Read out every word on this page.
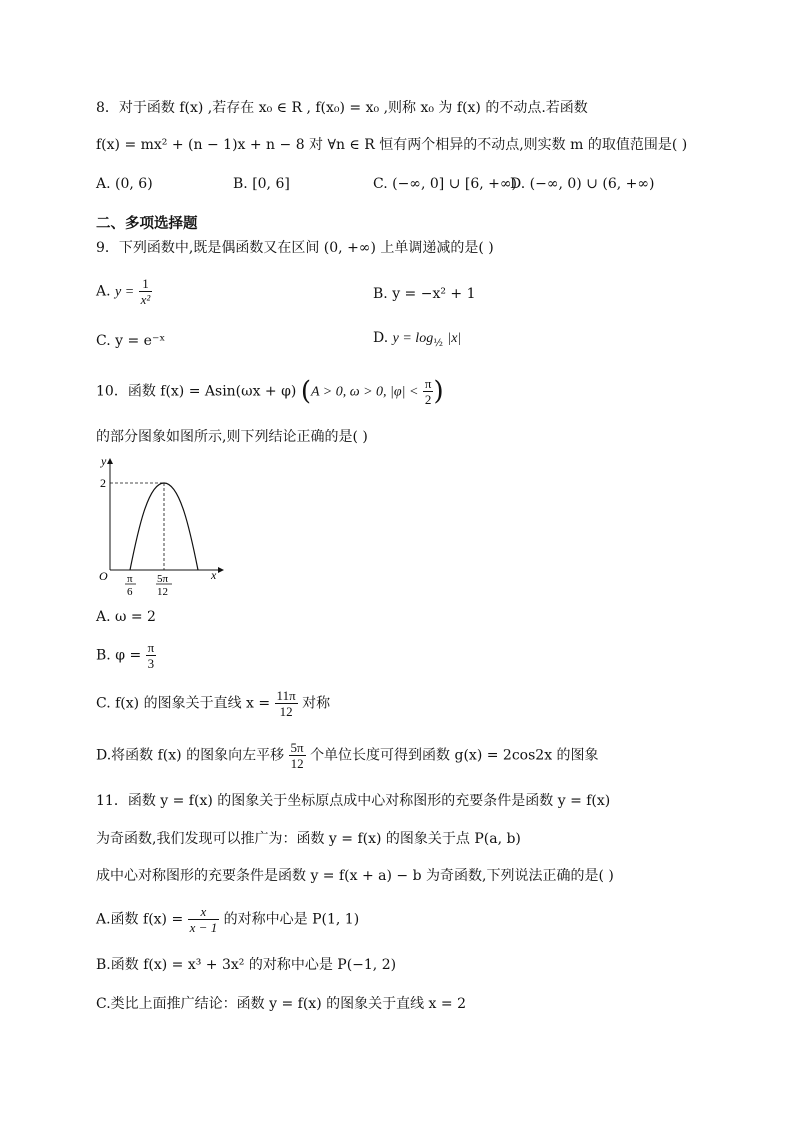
8．对于函数 f(x) ,若存在 x₀ ∈ R , f(x₀) = x₀ ,则称 x₀ 为 f(x) 的不动点.若函数
f(x) = mx² + (n − 1)x + n − 8 对 ∀n ∈ R 恒有两个相异的不动点,则实数 m 的取值范围是( )
A. (0, 6)	B. [0, 6]	C. (−∞, 0] ∪ [6, +∞)
D. (−∞, 0) ∪ (6, +∞)
二、多项选择题
9．下列函数中,既是偶函数又在区间 (0, +∞) 上单调递减的是( )
A. $y = \frac{1}{\text{x²}}$	B. y = −x² + 1
C. y = e⁻ˣ	D. $y = \log_{\frac{1}{2}} |x|$
10．函数 f(x) = Asin(ωx + φ) (A > 0, ω > 0, $|\varphi| < \frac{\pi}{2}$ )
的部分图象如图所示,则下列结论正确的是( )
y
x
O
2
π
6
5π
12
A. ω = 2
B. $\varphi = \frac{\pi}{3}$
C. f(x) 的图象关于直线 $x = \frac{11\pi}{12}$ 对称
D.将函数 f(x) 的图象向左平移 $\frac{5\pi}{12}$ 个单位长度可得到函数 g(x) = 2cos2x 的图象
11．函数 y = f(x) 的图象关于坐标原点成中心对称图形的充要条件是函数 y = f(x)
为奇函数,我们发现可以推广为：函数 y = f(x) 的图象关于点 P(a, b)
成中心对称图形的充要条件是函数 y = f(x + a) − b 为奇函数,下列说法正确的是( )
A.函数 $f(x) = \frac{x}{x - 1}$ 的对称中心是 P(1, 1)
B.函数 f(x) = x³ + 3x² 的对称中心是 P(−1, 2)
C.类比上面推广结论：函数 y = f(x) 的图象关于直线 x = 2
